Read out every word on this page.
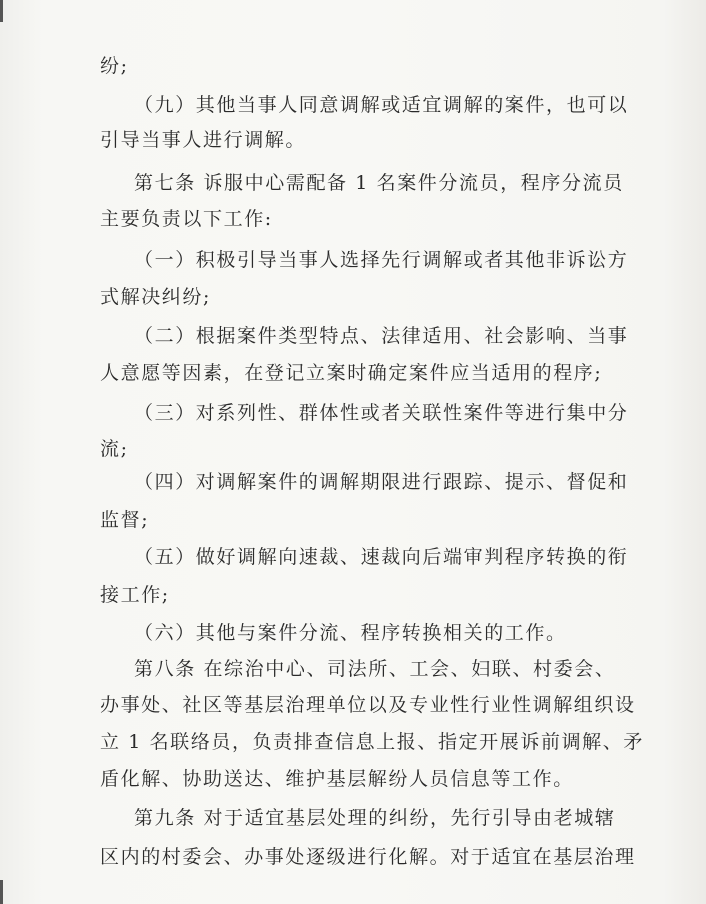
纷;
（九）其他当事人同意调解或适宜调解的案件，也可以
引导当事人进行调解。
第七条 诉服中心需配备 1 名案件分流员，程序分流员
主要负责以下工作:
（一）积极引导当事人选择先行调解或者其他非诉讼方
式解决纠纷;
（二）根据案件类型特点、法律适用、社会影响、当事
人意愿等因素，在登记立案时确定案件应当适用的程序;
（三）对系列性、群体性或者关联性案件等进行集中分
流;
（四）对调解案件的调解期限进行跟踪、提示、督促和
监督;
（五）做好调解向速裁、速裁向后端审判程序转换的衔
接工作;
（六）其他与案件分流、程序转换相关的工作。
第八条 在综治中心、司法所、工会、妇联、村委会、
办事处、社区等基层治理单位以及专业性行业性调解组织设
立 1 名联络员，负责排查信息上报、指定开展诉前调解、矛
盾化解、协助送达、维护基层解纷人员信息等工作。
第九条 对于适宜基层处理的纠纷，先行引导由老城辖
区内的村委会、办事处逐级进行化解。对于适宜在基层治理
